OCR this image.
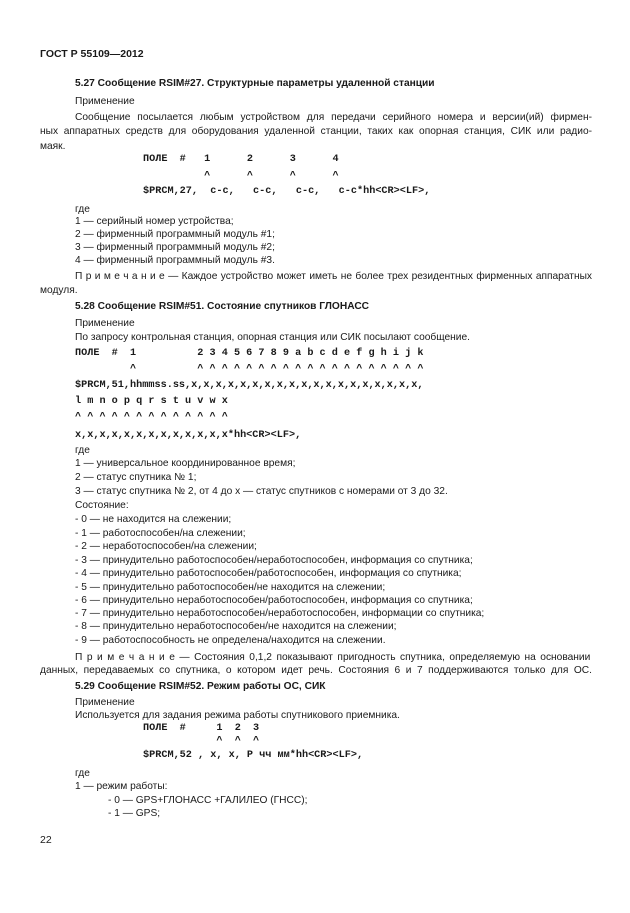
ГОСТ Р 55109—2012
5.27 Сообщение RSIM#27. Структурные параметры удаленной станции
Применение
Сообщение посылается любым устройством для передачи серийного номера и версии(ий) фирмен-
ных аппаратных средств для оборудования удаленной станции, таких как опорная станция, СИК или радио-
маяк.
ПОЛЕ  #   1      2      3      4
^      ^      ^      ^
$PRCM,27,  c-c,   c-c,   c-c,   c-c*hh<CR><LF>,
где
1 — серийный номер устройства;
2 — фирменный программный модуль #1;
3 — фирменный программный модуль #2;
4 — фирменный программный модуль #3.
П р и м е ч а н и е — Каждое устройство может иметь не более трех резидентных фирменных аппаратных
модуля.
5.28 Сообщение RSIM#51. Состояние спутников ГЛОНАСС
Применение
По запросу контрольная станция, опорная станция или СИК посылают сообщение.
ПОЛЕ  #  1          2 3 4 5 6 7 8 9 a b c d e f g h i j k
^          ^ ^ ^ ^ ^ ^ ^ ^ ^ ^ ^ ^ ^ ^ ^ ^ ^ ^ ^
$PRCM,51,hhmmss.ss,x,x,x,x,x,x,x,x,x,x,x,x,x,x,x,x,x,x,x,
l m n o p q r s t u v w x
^ ^ ^ ^ ^ ^ ^ ^ ^ ^ ^ ^ ^
x,x,x,x,x,x,x,x,x,x,x,x,x*hh<CR><LF>,
где
1 — универсальное координированное время;
2 — статус спутника № 1;
3 — статус спутника № 2, от 4 до x — статус спутников с номерами от 3 до 32.
Состояние:
- 0 — не находится на слежении;
- 1 — работоспособен/на слежении;
- 2 — неработоспособен/на слежении;
- 3 — принудительно работоспособен/неработоспособен, информация со спутника;
- 4 — принудительно работоспособен/работоспособен, информация со спутника;
- 5 — принудительно работоспособен/не находится на слежении;
- 6 — принудительно неработоспособен/работоспособен, информация со спутника;
- 7 — принудительно неработоспособен/неработоспособен, информации со спутника;
- 8 — принудительно неработоспособен/не находится на слежении;
- 9 — работоспособность не определена/находится на слежении.
П р и м е ч а н и е — Состояния 0,1,2 показывают пригодность спутника, определяемую на основании
данных, передаваемых со спутника, о котором идет речь. Состояния 6 и 7 поддерживаются только для ОС.
5.29 Сообщение RSIM#52. Режим работы ОС, СИК
Применение
Используется для задания режима работы спутникового приемника.
ПОЛЕ  #     1  2  3
^  ^  ^
$PRCM,52 , x, x, P чч мм*hh<CR><LF>,
где
1 — режим работы:
- 0 — GPS+ГЛОНАСС +ГАЛИЛЕО (ГНСС);
- 1 — GPS;
22
